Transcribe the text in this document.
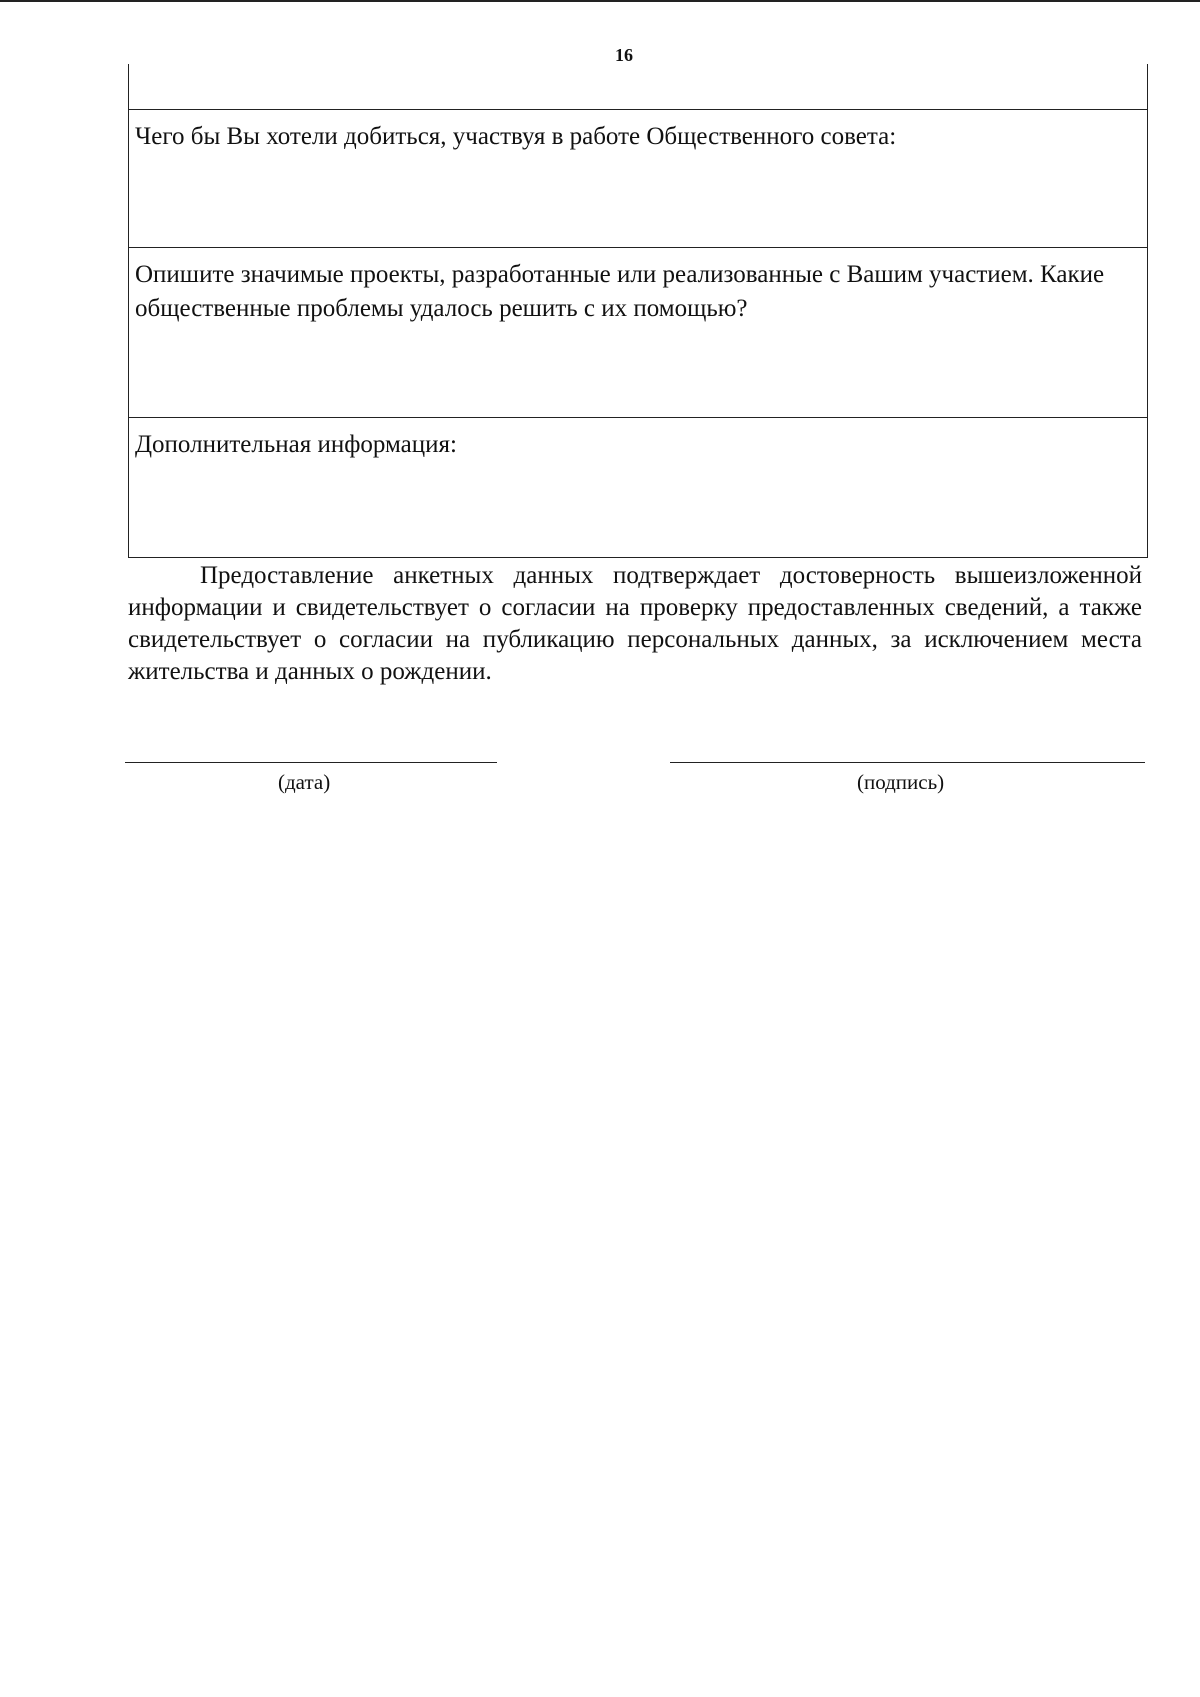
16
Чего бы Вы хотели добиться, участвуя в работе Общественного совета:
Опишите значимые проекты, разработанные или реализованные с Вашим участием. Какие общественные проблемы удалось решить с их помощью?
Дополнительная информация:

Предоставление анкетных данных подтверждает достоверность вышеизложенной информации и свидетельствует о согласии на проверку предоставленных сведений, а также свидетельствует о согласии на публикацию персональных данных, за исключением места жительства и данных о рождении.

(дата)	(подпись)
